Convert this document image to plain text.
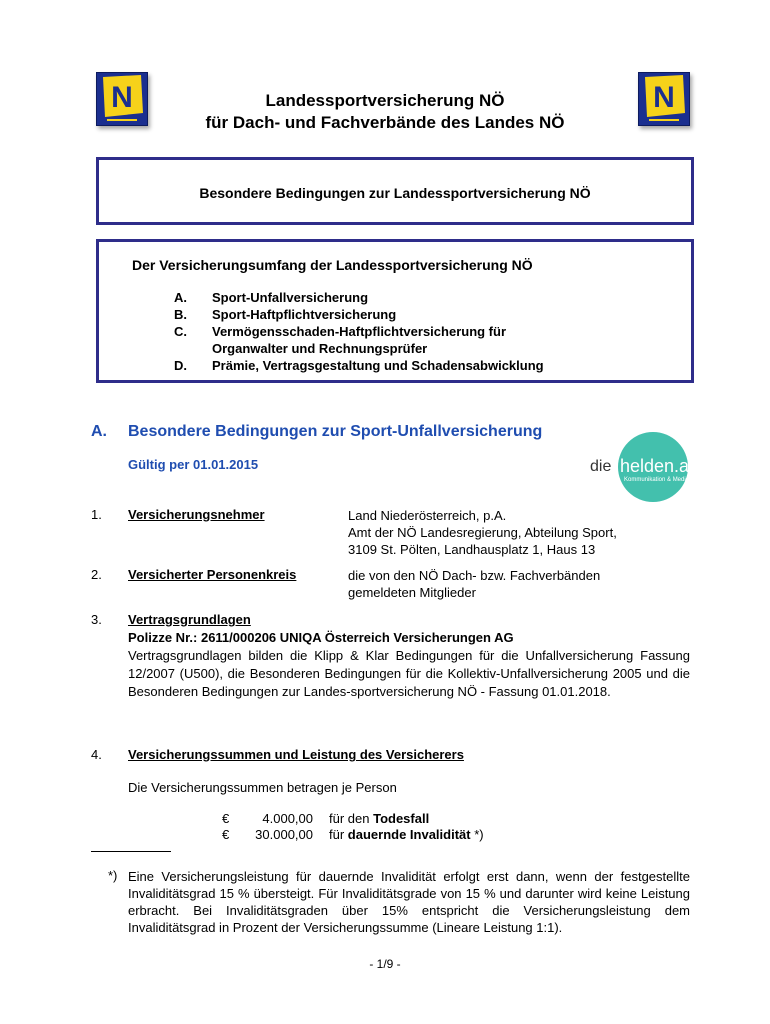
N	N
Landessportversicherung NÖ
für Dach- und Fachverbände des Landes NÖ
Besondere Bedingungen zur Landessportversicherung NÖ
Der Versicherungsumfang der Landessportversicherung NÖ
A.	Sport-Unfallversicherung
B.	Sport-Haftpflichtversicherung
C.	Vermögensschaden-Haftpflichtversicherung für
Organwalter und Rechnungsprüfer
D.	Prämie, Vertragsgestaltung und Schadensabwicklung
A. Besondere Bedingungen zur Sport-Unfallversicherung
Gültig per 01.01.2015	die helden.at
Kommunikation & Medien
1. Versicherungsnehmer	Land Niederösterreich, p.A.
Amt der NÖ Landesregierung, Abteilung Sport,
3109 St. Pölten, Landhausplatz 1, Haus 13
2. Versicherter Personenkreis	die von den NÖ Dach- bzw. Fachverbänden
gemeldeten Mitglieder
3. Vertragsgrundlagen
Polizze Nr.: 2611/000206 UNIQA Österreich Versicherungen AG
Vertragsgrundlagen bilden die Klipp & Klar Bedingungen für die Unfallversicherung Fassung 12/2007 (U500), die Besonderen Bedingungen für die Kollektiv-Unfallversicherung 2005 und die Besonderen Bedingungen zur Landes-sportversicherung NÖ - Fassung 01.01.2018.
4. Versicherungssummen und Leistung des Versicherers
Die Versicherungssummen betragen je Person
€	4.000,00 für den Todesfall
€ 30.000,00 für dauernde Invalidität *)
*) Eine Versicherungsleistung für dauernde Invalidität erfolgt erst dann, wenn der festgestellte Invaliditätsgrad 15 % übersteigt. Für Invaliditätsgrade von 15 % und darunter wird keine Leistung erbracht. Bei Invaliditätsgraden über 15% entspricht die Versicherungsleistung dem Invaliditätsgrad in Prozent der Versicherungssumme (Lineare Leistung 1:1).
- 1/9 -
